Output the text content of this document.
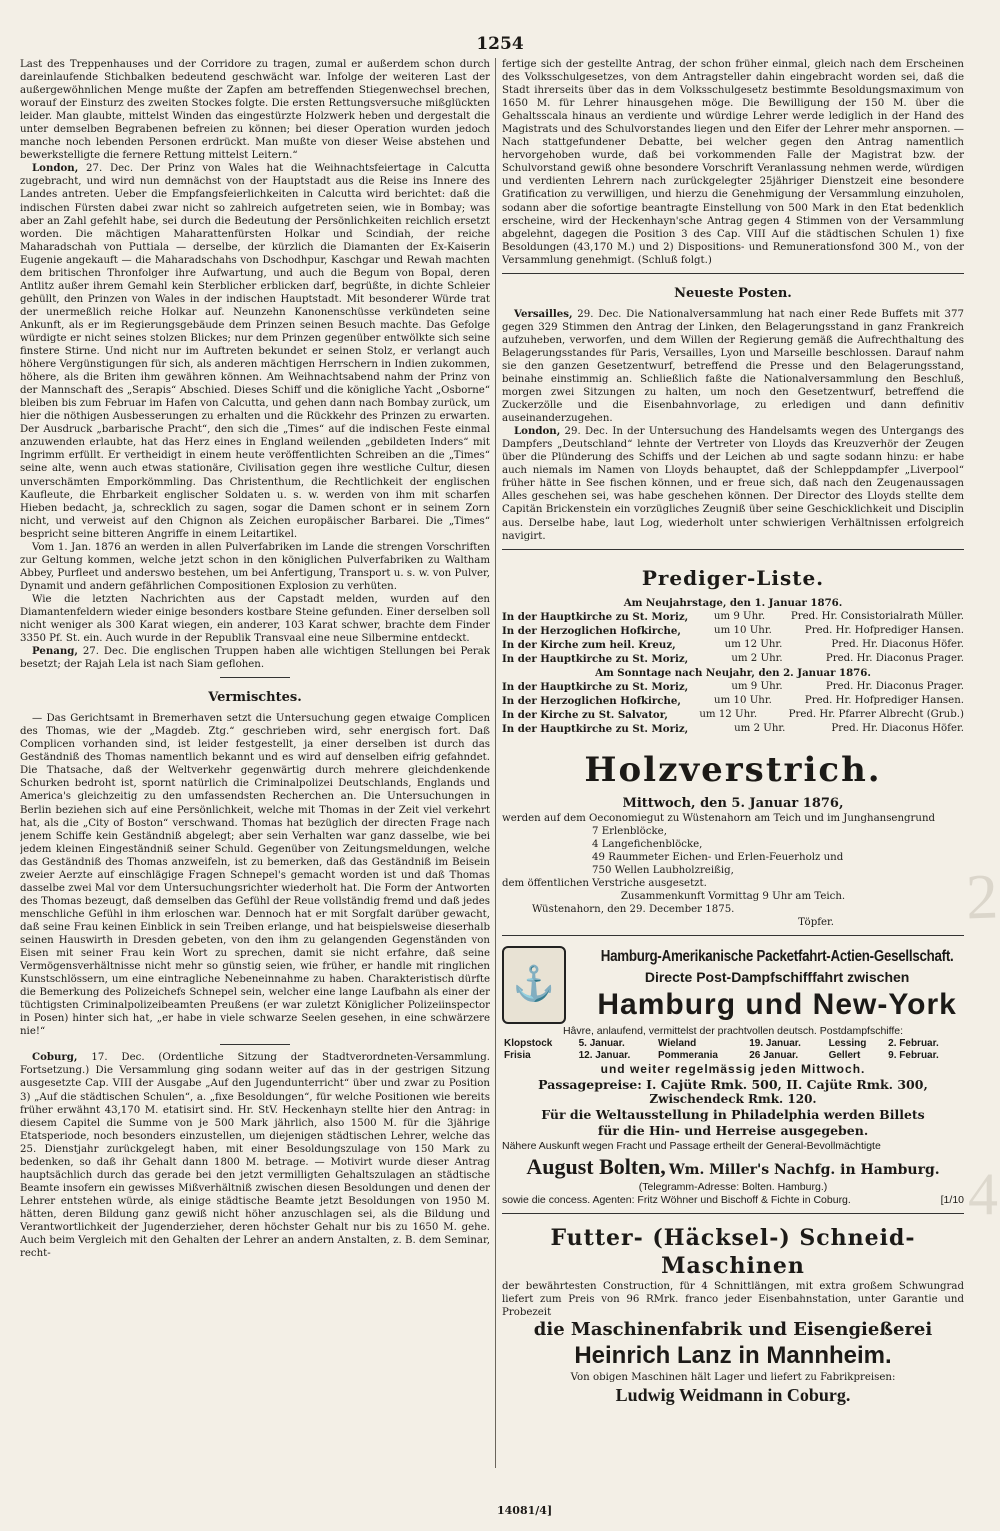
1254

Last des Treppenhauses und der Corridore zu tragen, zumal er außerdem schon durch dareinlaufende Stichbalken bedeutend geschwächt war. Infolge der weiteren Last der außergewöhnlichen Menge mußte der Zapfen am betreffenden Stiegenwechsel brechen, worauf der Einsturz des zweiten Stockes folgte. Die ersten Rettungsversuche mißglückten leider. Man glaubte, mittelst Winden das eingestürzte Holzwerk heben und dergestalt die unter demselben Begrabenen befreien zu können; bei dieser Operation wurden jedoch manche noch lebenden Personen erdrückt. Man mußte von dieser Weise abstehen und bewerkstelligte die fernere Rettung mittelst Leitern.“

London, 27. Dec. Der Prinz von Wales hat die Weihnachtsfeiertage in Calcutta zugebracht, und wird nun demnächst von der Hauptstadt aus die Reise ins Innere des Landes antreten. Ueber die Empfangsfeierlichkeiten in Calcutta wird berichtet: daß die indischen Fürsten dabei zwar nicht so zahlreich aufgetreten seien, wie in Bombay; was aber an Zahl gefehlt habe, sei durch die Bedeutung der Persönlichkeiten reichlich ersetzt worden. Die mächtigen Maharattenfürsten Holkar und Scindiah, der reiche Maharadschah von Puttiala — derselbe, der kürzlich die Diamanten der Ex-Kaiserin Eugenie angekauft — die Maharadschahs von Dschodhpur, Kaschgar und Rewah machten dem britischen Thronfolger ihre Aufwartung, und auch die Begum von Bopal, deren Antlitz außer ihrem Gemahl kein Sterblicher erblicken darf, begrüßte, in dichte Schleier gehüllt, den Prinzen von Wales in der indischen Hauptstadt. Mit besonderer Würde trat der unermeßlich reiche Holkar auf. Neunzehn Kanonenschüsse verkündeten seine Ankunft, als er im Regierungsgebäude dem Prinzen seinen Besuch machte. Das Gefolge würdigte er nicht seines stolzen Blickes; nur dem Prinzen gegenüber entwölkte sich seine finstere Stirne. Und nicht nur im Auftreten bekundet er seinen Stolz, er verlangt auch höhere Vergünstigungen für sich, als anderen mächtigen Herrschern in Indien zukommen, höhere, als die Briten ihm gewähren können. Am Weihnachtsabend nahm der Prinz von der Mannschaft des „Serapis“ Abschied. Dieses Schiff und die königliche Yacht „Osborne“ bleiben bis zum Februar im Hafen von Calcutta, und gehen dann nach Bombay zurück, um hier die nöthigen Ausbesserungen zu erhalten und die Rückkehr des Prinzen zu erwarten. Der Ausdruck „barbarische Pracht“, den sich die „Times“ auf die indischen Feste einmal anzuwenden erlaubte, hat das Herz eines in England weilenden „gebildeten Inders“ mit Ingrimm erfüllt. Er vertheidigt in einem heute veröffentlichten Schreiben an die „Times“ seine alte, wenn auch etwas stationäre, Civilisation gegen ihre westliche Cultur, diesen unverschämten Emporkömmling. Das Christenthum, die Rechtlichkeit der englischen Kaufleute, die Ehrbarkeit englischer Soldaten u. s. w. werden von ihm mit scharfen Hieben bedacht, ja, schrecklich zu sagen, sogar die Damen schont er in seinem Zorn nicht, und verweist auf den Chignon als Zeichen europäischer Barbarei. Die „Times“ bespricht seine bitteren Angriffe in einem Leitartikel.

Vom 1. Jan. 1876 an werden in allen Pulverfabriken im Lande die strengen Vorschriften zur Geltung kommen, welche jetzt schon in den königlichen Pulverfabriken zu Waltham Abbey, Purfleet und anderswo bestehen, um bei Anfertigung, Transport u. s. w. von Pulver, Dynamit und andern gefährlichen Compositionen Explosion zu verhüten.

Wie die letzten Nachrichten aus der Capstadt melden, wurden auf den Diamantenfeldern wieder einige besonders kostbare Steine gefunden. Einer derselben soll nicht weniger als 300 Karat wiegen, ein anderer, 103 Karat schwer, brachte dem Finder 3350 Pf. St. ein. Auch wurde in der Republik Transvaal eine neue Silbermine entdeckt.

Penang, 27. Dec. Die englischen Truppen haben alle wichtigen Stellungen bei Perak besetzt; der Rajah Lela ist nach Siam geflohen.

Vermischtes.

— Das Gerichtsamt in Bremerhaven setzt die Untersuchung gegen etwaige Complicen des Thomas, wie der „Magdeb. Ztg.“ geschrieben wird, sehr energisch fort. Daß Complicen vorhanden sind, ist leider festgestellt, ja einer derselben ist durch das Geständniß des Thomas namentlich bekannt und es wird auf denselben eifrig gefahndet. Die Thatsache, daß der Weltverkehr gegenwärtig durch mehrere gleichdenkende Schurken bedroht ist, spornt natürlich die Criminalpolizei Deutschlands, Englands und America's gleichzeitig zu den umfassendsten Recherchen an. Die Untersuchungen in Berlin beziehen sich auf eine Persönlichkeit, welche mit Thomas in der Zeit viel verkehrt hat, als die „City of Boston“ verschwand. Thomas hat bezüglich der directen Frage nach jenem Schiffe kein Geständniß abgelegt; aber sein Verhalten war ganz dasselbe, wie bei jedem kleinen Eingeständniß seiner Schuld. Gegenüber von Zeitungsmeldungen, welche das Geständniß des Thomas anzweifeln, ist zu bemerken, daß das Geständniß im Beisein zweier Aerzte auf einschlägige Fragen Schnepel's gemacht worden ist und daß Thomas dasselbe zwei Mal vor dem Untersuchungsrichter wiederholt hat. Die Form der Antworten des Thomas bezeugt, daß demselben das Gefühl der Reue vollständig fremd und daß jedes menschliche Gefühl in ihm erloschen war. Dennoch hat er mit Sorgfalt darüber gewacht, daß seine Frau keinen Einblick in sein Treiben erlange, und hat beispielsweise dieserhalb seinen Hauswirth in Dresden gebeten, von den ihm zu gelangenden Gegenständen von Eisen mit seiner Frau kein Wort zu sprechen, damit sie nicht erfahre, daß seine Vermögensverhältnisse nicht mehr so günstig seien, wie früher, er handle mit ringlichen Kunstschlössern, um eine eintragliche Nebeneinnahme zu haben. Charakteristisch dürfte die Bemerkung des Polizeichefs Schnepel sein, welcher eine lange Laufbahn als einer der tüchtigsten Criminalpolizeibeamten Preußens (er war zuletzt Königlicher Polizeiinspector in Posen) hinter sich hat, „er habe in viele schwarze Seelen gesehen, in eine schwärzere nie!“

Coburg, 17. Dec. (Ordentliche Sitzung der Stadtverordneten-Versammlung. Fortsetzung.) Die Versammlung ging sodann weiter auf das in der gestrigen Sitzung ausgesetzte Cap. VIII der Ausgabe „Auf den Jugendunterricht“ über und zwar zu Position 3) „Auf die städtischen Schulen“, a. „fixe Besoldungen“, für welche Positionen wie bereits früher erwähnt 43,170 M. etatisirt sind. Hr. StV. Heckenhayn stellte hier den Antrag: in diesem Capitel die Summe von je 500 Mark jährlich, also 1500 M. für die 3jährige Etatsperiode, noch besonders einzustellen, um diejenigen städtischen Lehrer, welche das 25. Dienstjahr zurückgelegt haben, mit einer Besoldungszulage von 150 Mark zu bedenken, so daß ihr Gehalt dann 1800 M. betrage. — Motivirt wurde dieser Antrag hauptsächlich durch das gerade bei den jetzt vermilligten Gehaltszulagen an städtische Beamte insofern ein gewisses Mißverhältniß zwischen diesen Besoldungen und denen der Lehrer entstehen würde, als einige städtische Beamte jetzt Besoldungen von 1950 M. hätten, deren Bildung ganz gewiß nicht höher anzuschlagen sei, als die Bildung und Verantwortlichkeit der Jugenderzieher, deren höchster Gehalt nur bis zu 1650 M. gehe. Auch beim Vergleich mit den Gehalten der Lehrer an andern Anstalten, z. B. dem Seminar, recht-

fertige sich der gestellte Antrag, der schon früher einmal, gleich nach dem Erscheinen des Volksschulgesetzes, von dem Antragsteller dahin eingebracht worden sei, daß die Stadt ihrerseits über das in dem Volksschulgesetz bestimmte Besoldungsmaximum von 1650 M. für Lehrer hinausgehen möge. Die Bewilligung der 150 M. über die Gehaltsscala hinaus an verdiente und würdige Lehrer werde lediglich in der Hand des Magistrats und des Schulvorstandes liegen und den Eifer der Lehrer mehr anspornen. — Nach stattgefundener Debatte, bei welcher gegen den Antrag namentlich hervorgehoben wurde, daß bei vorkommenden Falle der Magistrat bzw. der Schulvorstand gewiß ohne besondere Vorschrift Veranlassung nehmen werde, würdigen und verdienten Lehrern nach zurückgelegter 25jähriger Dienstzeit eine besondere Gratification zu verwilligen, und hierzu die Genehmigung der Versammlung einzuholen, sodann aber die sofortige beantragte Einstellung von 500 Mark in den Etat bedenklich erscheine, wird der Heckenhayn'sche Antrag gegen 4 Stimmen von der Versammlung abgelehnt, dagegen die Position 3 des Cap. VIII Auf die städtischen Schulen 1) fixe Besoldungen (43,170 M.) und 2) Dispositions- und Remunerationsfond 300 M., von der Versammlung genehmigt. (Schluß folgt.)

Neueste Posten.

Versailles, 29. Dec. Die Nationalversammlung hat nach einer Rede Buffets mit 377 gegen 329 Stimmen den Antrag der Linken, den Belagerungsstand in ganz Frankreich aufzuheben, verworfen, und dem Willen der Regierung gemäß die Aufrechthaltung des Belagerungsstandes für Paris, Versailles, Lyon und Marseille beschlossen. Darauf nahm sie den ganzen Gesetzentwurf, betreffend die Presse und den Belagerungsstand, beinahe einstimmig an. Schließlich faßte die Nationalversammlung den Beschluß, morgen zwei Sitzungen zu halten, um noch den Gesetzentwurf, betreffend die Zuckerzölle und die Eisenbahnvorlage, zu erledigen und dann definitiv auseinanderzugehen.

London, 29. Dec. In der Untersuchung des Handelsamts wegen des Untergangs des Dampfers „Deutschland“ lehnte der Vertreter von Lloyds das Kreuzverhör der Zeugen über die Plünderung des Schiffs und der Leichen ab und sagte sodann hinzu: er habe auch niemals im Namen von Lloyds behauptet, daß der Schleppdampfer „Liverpool“ früher hätte in See fischen können, und er freue sich, daß nach den Zeugenaussagen Alles geschehen sei, was habe geschehen können. Der Director des Lloyds stellte dem Capitän Brickenstein ein vorzügliches Zeugniß über seine Geschicklichkeit und Disciplin aus. Derselbe habe, laut Log, wiederholt unter schwierigen Verhältnissen erfolgreich navigirt.

Prediger-Liste.
Am Neujahrstage, den 1. Januar 1876.
In der Hauptkirche zu St. Moriz,	um 9 Uhr.	Pred. Hr. Consistorialrath Müller.
In der Herzoglichen Hofkirche,	um 10 Uhr.	Pred. Hr. Hofprediger Hansen.
In der Kirche zum heil. Kreuz,	um 12 Uhr.	Pred. Hr. Diaconus Höfer.
In der Hauptkirche zu St. Moriz,	um 2 Uhr.	Pred. Hr. Diaconus Prager.
Am Sonntage nach Neujahr, den 2. Januar 1876.
In der Hauptkirche zu St. Moriz,	um 9 Uhr.	Pred. Hr. Diaconus Prager.
In der Herzoglichen Hofkirche,	um 10 Uhr.	Pred. Hr. Hofprediger Hansen.
In der Kirche zu St. Salvator,	um 12 Uhr.	Pred. Hr. Pfarrer Albrecht (Grub.)
In der Hauptkirche zu St. Moriz,	um 2 Uhr.	Pred. Hr. Diaconus Höfer.
Holzverstrich.
Mittwoch, den 5. Januar 1876,

werden auf dem Oeconomiegut zu Wüstenahorn am Teich und im Junghansengrund

7 Erlenblöcke,
4 Langefichenblöcke,
49 Raummeter Eichen- und Erlen-Feuerholz und
750 Wellen Laubholzreißig,

dem öffentlichen Verstriche ausgesetzt.

Zusammenkunft Vormittag 9 Uhr am Teich.

Wüstenahorn, den 29. December 1875.

Töpfer.

⚓
Hamburg-Amerikanische Packetfahrt-Actien-Gesellschaft.
Directe Post-Dampfschifffahrt zwischen
Hamburg und New-York
Hâvre, anlaufend, vermittelst der prachtvollen deutsch. Postdampfschiffe:
Klopstock	5. Januar.	Wieland	19. Januar.	Lessing	2. Februar.
Frisia	12. Januar.	Pommerania	26 Januar.	Gellert	9. Februar.
und weiter regelmässig jeden Mittwoch.
Passagepreise: I. Cajüte Rmk. 500, II. Cajüte Rmk. 300,
Zwischendeck Rmk. 120.
Für die Weltausstellung in Philadelphia werden Billets
für die Hin- und Herreise ausgegeben.
Nähere Auskunft wegen Fracht und Passage ertheilt der General-Bevollmächtigte
August Bolten, Wm. Miller's Nachfg. in Hamburg.
(Telegramm-Adresse: Bolten. Hamburg.)
sowie die concess. Agenten: Fritz Wöhner und Bischoff & Fichte in Coburg.	[1/10
Futter- (Häcksel-) Schneid-Maschinen

der bewährtesten Construction, für 4 Schnittlängen, mit extra großem Schwungrad liefert zum Preis von 96 RMrk. franco jeder Eisenbahnstation, unter Garantie und Probezeit

die Maschinenfabrik und Eisengießerei
Heinrich Lanz in Mannheim.

Von obigen Maschinen hält Lager und liefert zu Fabrikpreisen:

Ludwig Weidmann in Coburg.
14081/4]
2
4
